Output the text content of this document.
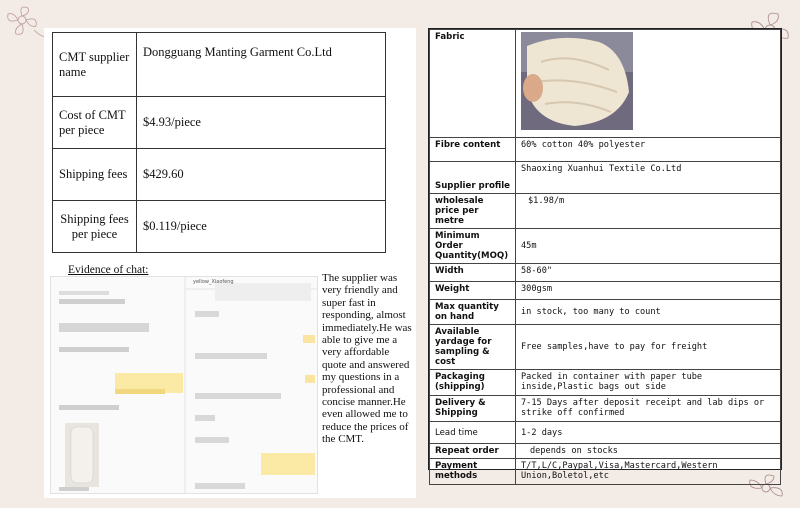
CMT supplier name	Dongguang Manting Garment Co.Ltd
Cost of CMT per piece	$4.93/piece
Shipping fees	$429.60
Shipping fees per piece	$0.119/piece
Evidence of chat:
yellow_Xiaofeng	The supplier was very friendly and super fast in responding, almost immediately.He was able to give me a very affordable quote and answered my questions in a professional and concise manner.He even allowed me to reduce the prices of the CMT.
Fabric	
Fibre content	60% cotton 40% polyester
Supplier profile	Shaoxing Xuanhui Textile Co.Ltd
wholesale price per metre	$1.98/m
Minimum Order Quantity(MOQ)	45m
Width	58-60"
Weight	300gsm
Max quantity on hand	in stock, too many to count
Available yardage for sampling & cost	Free samples,have to pay for freight
Packaging (shipping)	Packed in container with paper tube inside,Plastic bags out side
Delivery & Shipping	7-15 Days after deposit receipt and lab dips or strike off confirmed
Lead time	1-2 days
Repeat order	depends on stocks
Payment methods	T/T,L/C,Paypal,Visa,Mastercard,Western Union,Boletol,etc
